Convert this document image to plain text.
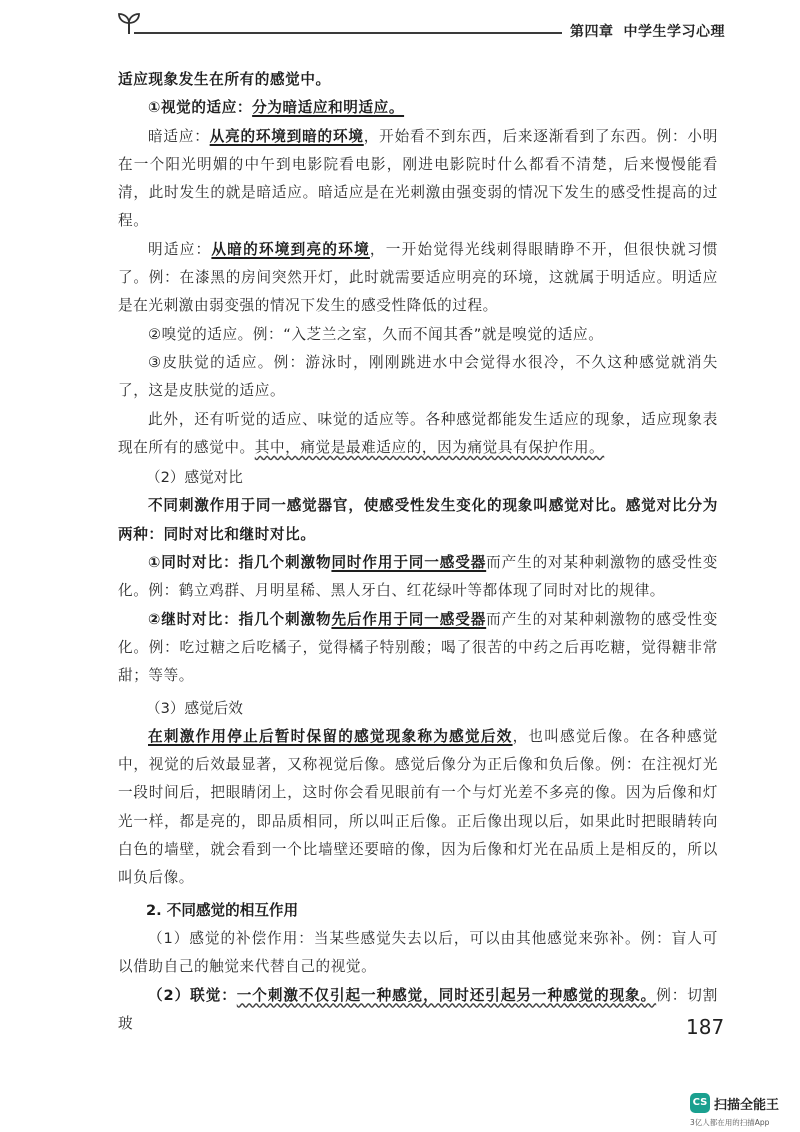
第四章 中学生学习心理

适应现象发生在所有的感觉中。

①视觉的适应：分为暗适应和明适应。

暗适应：从亮的环境到暗的环境，开始看不到东西，后来逐渐看到了东西。例：小明在一个阳光明媚的中午到电影院看电影，刚进电影院时什么都看不清楚，后来慢慢能看清，此时发生的就是暗适应。暗适应是在光刺激由强变弱的情况下发生的感受性提高的过程。

明适应：从暗的环境到亮的环境，一开始觉得光线刺得眼睛睁不开，但很快就习惯了。例：在漆黑的房间突然开灯，此时就需要适应明亮的环境，这就属于明适应。明适应是在光刺激由弱变强的情况下发生的感受性降低的过程。

②嗅觉的适应。例：“入芝兰之室，久而不闻其香”就是嗅觉的适应。

③皮肤觉的适应。例：游泳时，刚刚跳进水中会觉得水很冷，不久这种感觉就消失了，这是皮肤觉的适应。

此外，还有听觉的适应、味觉的适应等。各种感觉都能发生适应的现象，适应现象表现在所有的感觉中。其中，痛觉是最难适应的，因为痛觉具有保护作用。

（2）感觉对比

不同刺激作用于同一感觉器官，使感受性发生变化的现象叫感觉对比。感觉对比分为两种：同时对比和继时对比。

①同时对比：指几个刺激物同时作用于同一感受器而产生的对某种刺激物的感受性变化。例：鹤立鸡群、月明星稀、黑人牙白、红花绿叶等都体现了同时对比的规律。

②继时对比：指几个刺激物先后作用于同一感受器而产生的对某种刺激物的感受性变化。例：吃过糖之后吃橘子，觉得橘子特别酸；喝了很苦的中药之后再吃糖，觉得糖非常甜；等等。

（3）感觉后效

在刺激作用停止后暂时保留的感觉现象称为感觉后效，也叫感觉后像。在各种感觉中，视觉的后效最显著，又称视觉后像。感觉后像分为正后像和负后像。例：在注视灯光一段时间后，把眼睛闭上，这时你会看见眼前有一个与灯光差不多亮的像。因为后像和灯光一样，都是亮的，即品质相同，所以叫正后像。正后像出现以后，如果此时把眼睛转向白色的墙壁，就会看到一个比墙壁还要暗的像，因为后像和灯光在品质上是相反的，所以叫负后像。

2. 不同感觉的相互作用

（1）感觉的补偿作用：当某些感觉失去以后，可以由其他感觉来弥补。例：盲人可以借助自己的触觉来代替自己的视觉。

（2）联觉：一个刺激不仅引起一种感觉，同时还引起另一种感觉的现象。例：切割玻	187
CS 扫描全能王
3亿人都在用的扫描App
